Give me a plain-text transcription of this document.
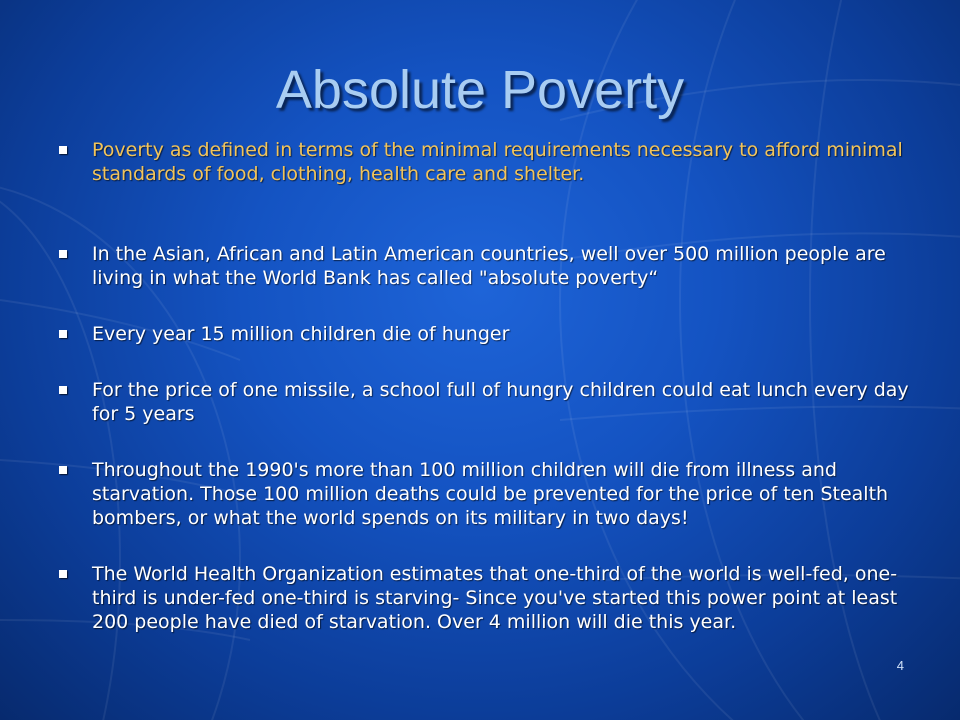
Absolute Poverty
Poverty as defined in terms of the minimal requirements necessary to afford minimal standards of food, clothing, health care and shelter.
In the Asian, African and Latin American countries, well over 500 million people are living in what the World Bank has called "absolute poverty“
Every year 15 million children die of hunger
For the price of one missile, a school full of hungry children could eat lunch every day for 5 years
Throughout the 1990's more than 100 million children will die from illness and starvation. Those 100 million deaths could be prevented for the price of ten Stealth bombers, or what the world spends on its military in two days!
The World Health Organization estimates that one-third of the world is well-fed, one-third is under-fed one-third is starving- Since you've started this power point at least 200 people have died of starvation. Over 4 million will die this year.
4
